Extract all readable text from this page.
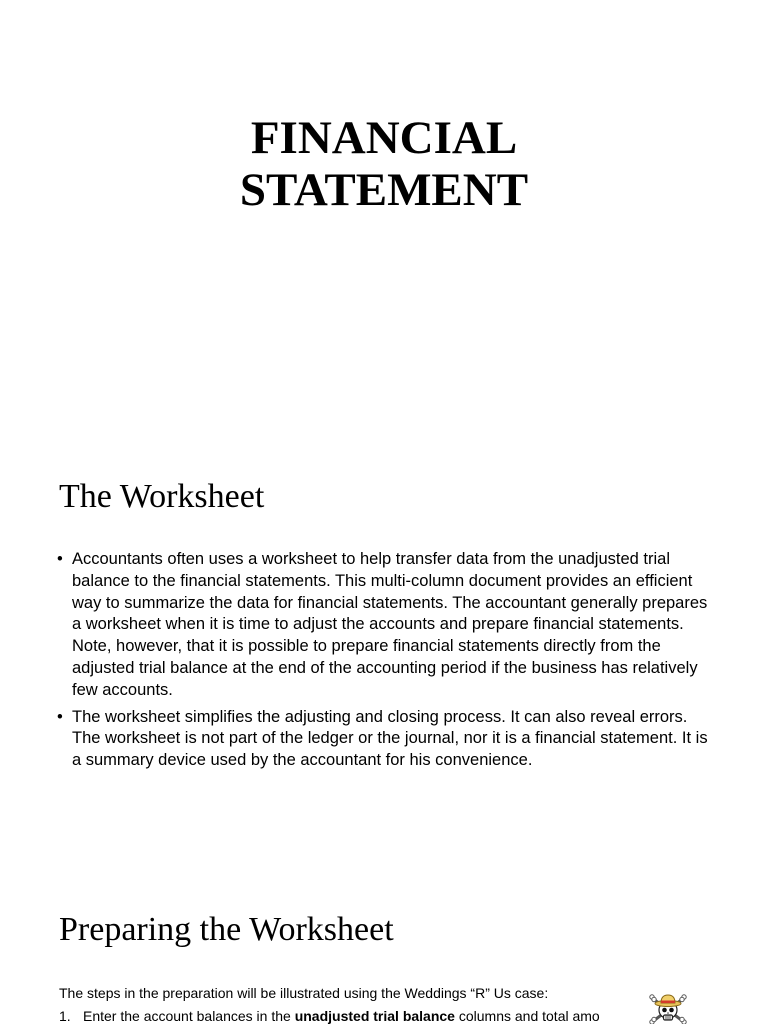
FINANCIAL
STATEMENT
The Worksheet
• Accountants often uses a worksheet to help transfer data from the unadjusted trial balance to the financial statements. This multi-column document provides an efficient way to summarize the data for financial statements. The accountant generally prepares a worksheet when it is time to adjust the accounts and prepare financial statements. Note, however, that it is possible to prepare financial statements directly from the adjusted trial balance at the end of the accounting period if the business has relatively few accounts.
• The worksheet simplifies the adjusting and closing process. It can also reveal errors. The worksheet is not part of the ledger or the journal, nor it is a financial statement. It is a summary device used by the accountant for his convenience.
Preparing the Worksheet

The steps in the preparation will be illustrated using the Weddings “R” Us case:

1. Enter the account balances in the unadjusted trial balance columns and total amo
